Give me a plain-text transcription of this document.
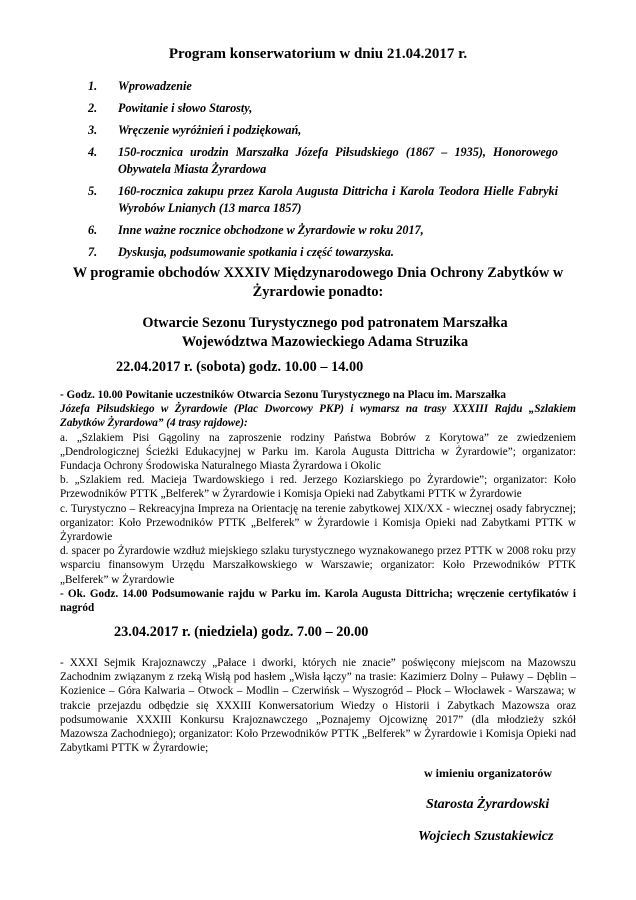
Program konserwatorium w dniu 21.04.2017 r.
1. Wprowadzenie
2. Powitanie i słowo Starosty,
3. Wręczenie wyróżnień i podziękowań,
4. 150-rocznica urodzin Marszałka Józefa Piłsudskiego (1867 – 1935), Honorowego Obywatela Miasta Żyrardowa
5. 160-rocznica zakupu przez Karola Augusta Dittricha i Karola Teodora Hielle Fabryki Wyrobów Lnianych (13 marca 1857)
6. Inne ważne rocznice obchodzone w Żyrardowie w roku 2017,
7. Dyskusja, podsumowanie spotkania i część towarzyska.
W programie obchodów XXXIV Międzynarodowego Dnia Ochrony Zabytków w Żyrardowie ponadto:
Otwarcie Sezonu Turystycznego pod patronatem Marszałka Województwa Mazowieckiego Adama Struzika
22.04.2017 r. (sobota) godz. 10.00 – 14.00

- Godz. 10.00 Powitanie uczestników Otwarcia Sezonu Turystycznego na Placu im. Marszałka

Józefa Piłsudskiego w Żyrardowie (Plac Dworcowy PKP) i wymarsz na trasy XXXIII Rajdu „Szlakiem Zabytków Żyrardowa” (4 trasy rajdowe):

a. „Szlakiem Pisi Gągoliny na zaproszenie rodziny Państwa Bobrów z Korytowa” ze zwiedzeniem „Dendrologicznej Ścieżki Edukacyjnej w Parku im. Karola Augusta Dittricha w Żyrardowie”; organizator: Fundacja Ochrony Środowiska Naturalnego Miasta Żyrardowa i Okolic

b. „Szlakiem red. Macieja Twardowskiego i red. Jerzego Koziarskiego po Żyrardowie”; organizator: Koło Przewodników PTTK „Belferek” w Żyrardowie i Komisja Opieki nad Zabytkami PTTK w Żyrardowie

c. Turystyczno – Rekreacyjna Impreza na Orientację na terenie zabytkowej XIX/XX - wiecznej osady fabrycznej; organizator: Koło Przewodników PTTK „Belferek” w Żyrardowie i Komisja Opieki nad Zabytkami PTTK w Żyrardowie

d. spacer po Żyrardowie wzdłuż miejskiego szlaku turystycznego wyznakowanego przez PTTK w 2008 roku przy wsparciu finansowym Urzędu Marszałkowskiego w Warszawie; organizator: Koło Przewodników PTTK „Belferek” w Żyrardowie

- Ok. Godz. 14.00 Podsumowanie rajdu w Parku im. Karola Augusta Dittricha; wręczenie certyfikatów i nagród

23.04.2017 r. (niedziela) godz. 7.00 – 20.00

- XXXI Sejmik Krajoznawczy „Pałace i dworki, których nie znacie” poświęcony miejscom na Mazowszu Zachodnim związanym z rzeką Wisłą pod hasłem „Wisła łączy” na trasie: Kazimierz Dolny – Puławy – Dęblin – Kozienice – Góra Kalwaria – Otwock – Modlin – Czerwińsk – Wyszogród – Płock – Włocławek - Warszawa; w trakcie przejazdu odbędzie się XXXIII Konwersatorium Wiedzy o Historii i Zabytkach Mazowsza oraz podsumowanie XXXIII Konkursu Krajoznawczego „Poznajemy Ojcowiznę 2017” (dla młodzieży szkół Mazowsza Zachodniego); organizator: Koło Przewodników PTTK „Belferek” w Żyrardowie i Komisja Opieki nad Zabytkami PTTK w Żyrardowie;

w imieniu organizatorów
Starosta Żyrardowski
Wojciech Szustakiewicz
